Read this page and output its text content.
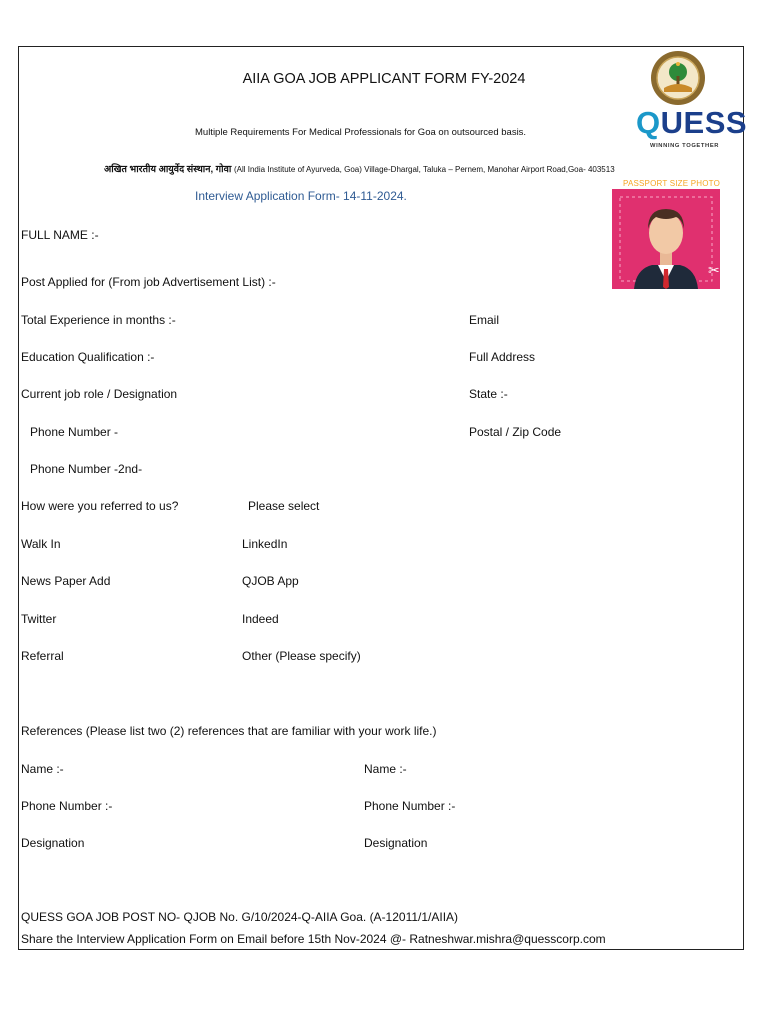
AIIA GOA JOB APPLICANT FORM FY-2024
Multiple Requirements For Medical Professionals for Goa on outsourced basis.
अखित भारतीय आयुर्वेद संस्थान, गोवा (All India Institute of Ayurveda, Goa) Village-Dhargal, Taluka – Pernem, Manohar Airport Road,Goa- 403513
Interview Application Form- 14-11-2024.
QUESS
WINNING TOGETHER
PASSPORT SIZE PHOTO
✂
FULL NAME :-
Post Applied for (From job Advertisement List) :-
Total Experience in months :-
Education Qualification :-
Current job role / Designation
Phone Number -
Phone Number -2nd-
Email
Full Address
State :-
Postal / Zip Code
How were you referred to us?	Please select
Walk In
News Paper Add
Twitter
Referral
LinkedIn
QJOB App
Indeed
Other (Please specify)
References (Please list two (2) references that are familiar with your work life.)
Name :-
Phone Number :-
Designation
Name :-
Phone Number :-
Designation
QUESS GOA JOB POST NO- QJOB No. G/10/2024-Q-AIIA Goa. (A-12011/1/AIIA)
Share the Interview Application Form on Email before 15th Nov-2024 @- Ratneshwar.mishra@quesscorp.com
